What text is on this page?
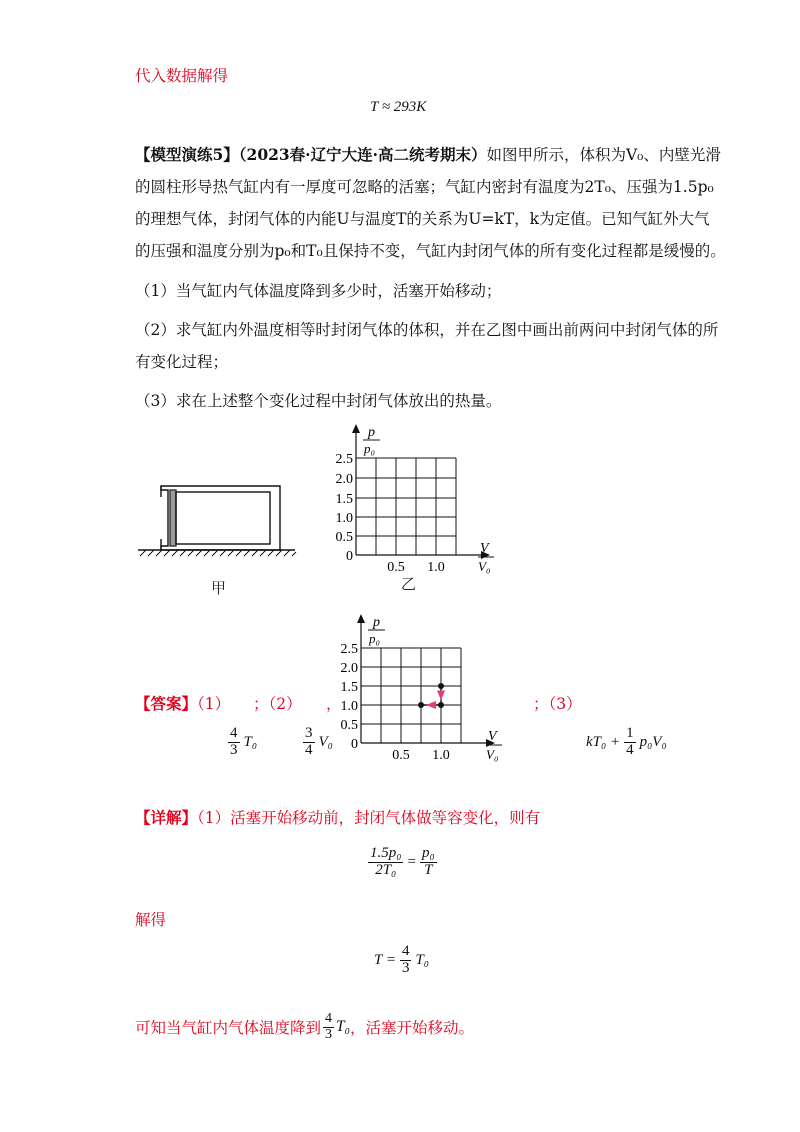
代入数据解得
T ≈ 293K
【模型演练5】（2023春·辽宁大连·高二统考期末）如图甲所示，体积为V₀、内壁光滑
的圆柱形导热气缸内有一厚度可忽略的活塞；气缸内密封有温度为2T₀、压强为1.5p₀
的理想气体，封闭气体的内能U与温度T的关系为U=kT，k为定值。已知气缸外大气
的压强和温度分别为p₀和T₀且保持不变，气缸内封闭气体的所有变化过程都是缓慢的。
（1）当气缸内气体温度降到多少时，活塞开始移动；
（2）求气缸内外温度相等时封闭气体的体积，并在乙图中画出前两问中封闭气体的所
有变化过程；
（3）求在上述整个变化过程中封闭气体放出的热量。
甲
p
p₀
V
V₀
2.5
2.0
1.5
1.0
0.5
0
0.5 1.0
乙
p
p₀
V
V₀
2.5
2.0
1.5
1.0
0.5
0
0.5 1.0
【答案】（1） ；（2） ，	；（3）
$\frac{4}{3} T_0$	$\frac{3}{4} V_0$	$kT_0 + \frac{1}{4} p_0V_0$
【详解】（1）活塞开始移动前，封闭气体做等容变化，则有
$\frac{\text{1.5p₀}}{\text{2T₀}} = \frac{\text{p₀}}{T}$
解得
$T = \frac{4}{3} T_0$
可知当气缸内气体温度降到 $\frac{4}{3} T_0$ ，活塞开始移动。
